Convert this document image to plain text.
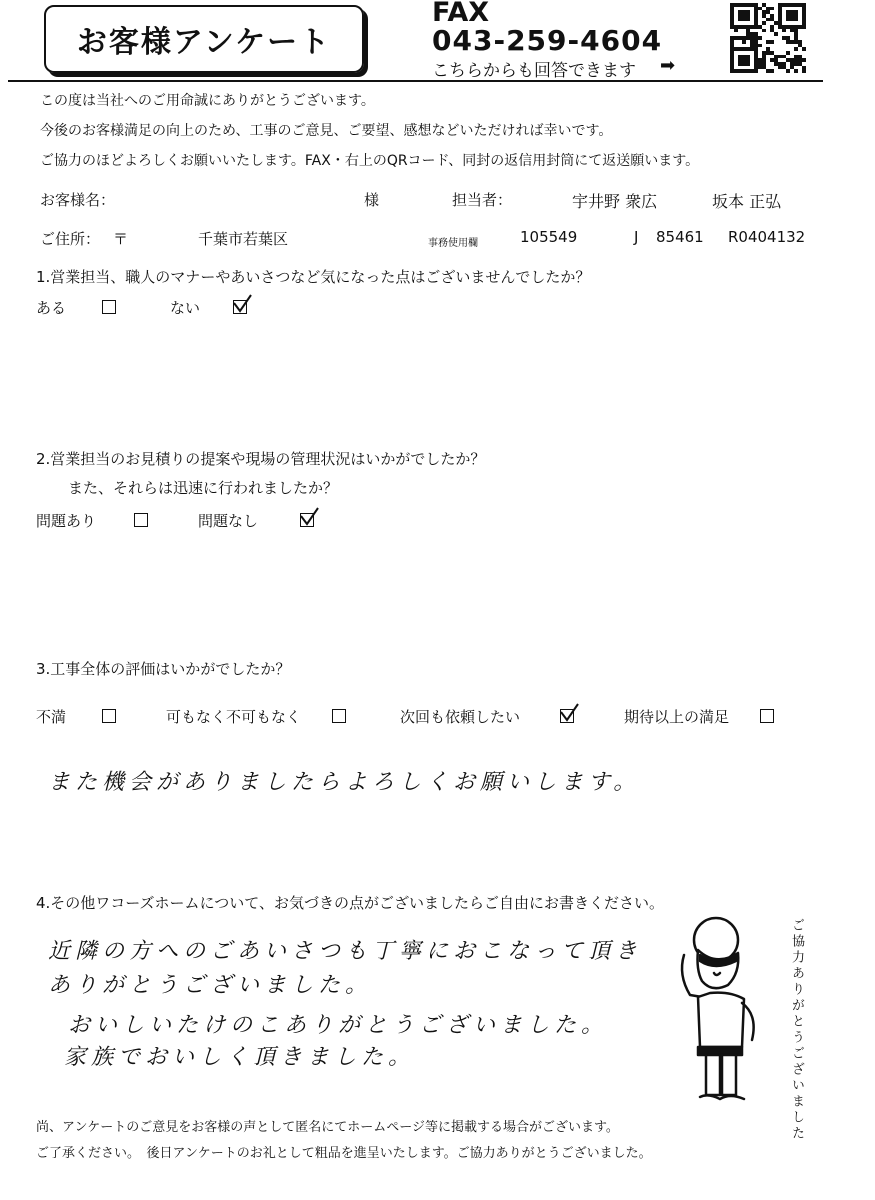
お客様アンケート
FAX
043-259-4604
こちらからも回答できます ➡
この度は当社へのご用命誠にありがとうございます。
今後のお客様満足の向上のため、工事のご意見、ご要望、感想などいただければ幸いです。
ご協力のほどよろしくお願いいたします。FAX・右上のQRコード、同封の返信用封筒にて返送願います。
お客様名：	様	担当者：	宇井野 衆広	坂本 正弘
ご住所： 〒	千葉市若葉区	事務使用欄	105549	J 85461 R0404132
1.営業担当、職人のマナーやあいさつなど気になった点はございませんでしたか？
ある	ない
2.営業担当のお見積りの提案や現場の管理状況はいかがでしたか？
また、それらは迅速に行われましたか？
問題あり	問題なし
3.工事全体の評価はいかがでしたか？
不満	可もなく不可もなく	次回も依頼したい	期待以上の満足
また機会がありましたらよろしくお願いします。
4.その他ワコーズホームについて、お気づきの点がございましたらご自由にお書きください。
近隣の方へのごあいさつも丁寧におこなって頂き
ありがとうございました。
おいしいたけのこありがとうございました。
家族でおいしく頂きました。	ご協力ありがとうございました
尚、アンケートのご意見をお客様の声として匿名にてホームページ等に掲載する場合がございます。
ご了承ください。　後日アンケートのお礼として粗品を進呈いたします。ご協力ありがとうございました。
